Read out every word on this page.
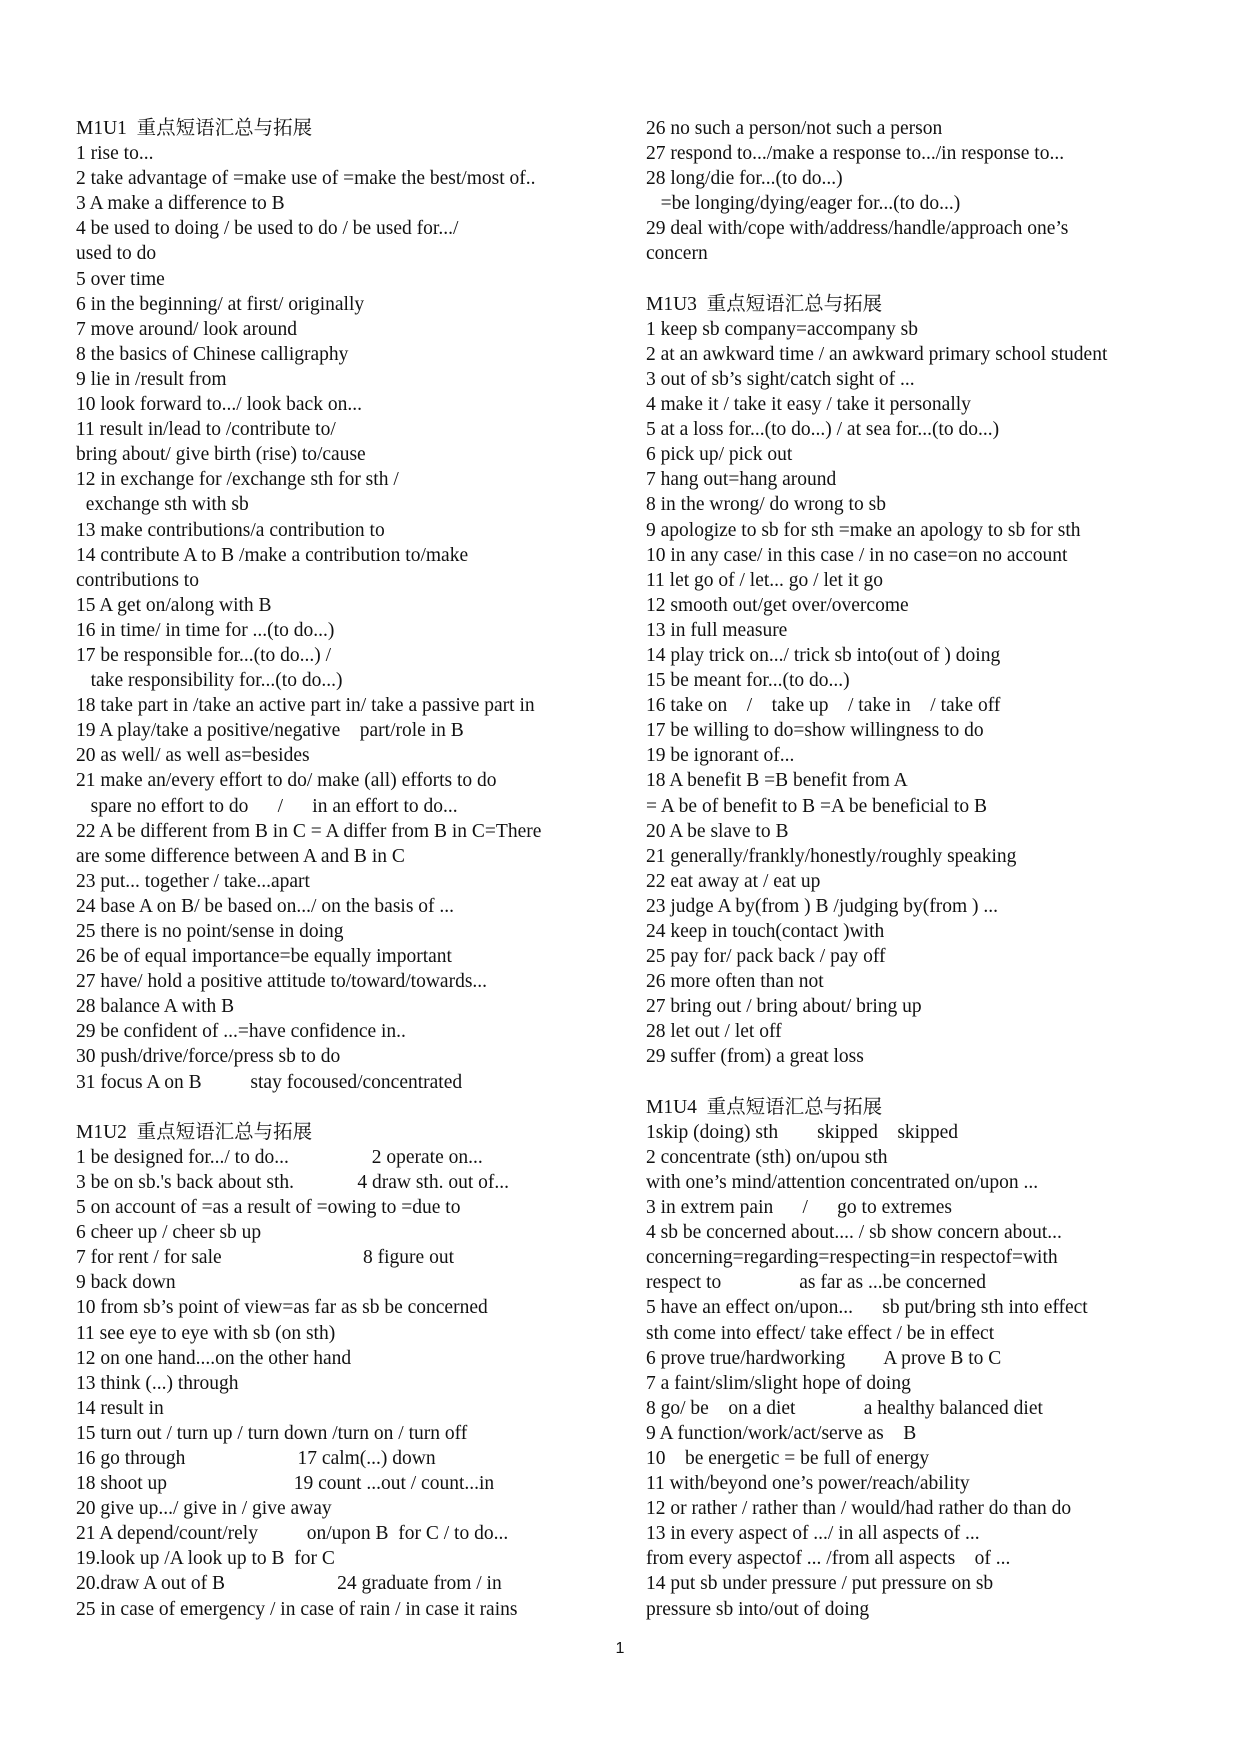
M1U1  重点短语汇总与拓展
1 rise to...
2 take advantage of =make use of =make the best/most of..
3 A make a difference to B
4 be used to doing / be used to do / be used for.../
used to do
5 over time
6 in the beginning/ at first/ originally
7 move around/ look around
8 the basics of Chinese calligraphy
9 lie in /result from
10 look forward to.../ look back on...
11 result in/lead to /contribute to/
bring about/ give birth (rise) to/cause
12 in exchange for /exchange sth for sth /
exchange sth with sb
13 make contributions/a contribution to
14 contribute A to B /make a contribution to/make
contributions to
15 A get on/along with B
16 in time/ in time for ...(to do...)
17 be responsible for...(to do...) /
take responsibility for...(to do...)
18 take part in /take an active part in/ take a passive part in
19 A play/take a positive/negative    part/role in B
20 as well/ as well as=besides
21 make an/every effort to do/ make (all) efforts to do
spare no effort to do      /      in an effort to do...
22 A be different from B in C = A differ from B in C=There
are some difference between A and B in C
23 put... together / take...apart
24 base A on B/ be based on.../ on the basis of ...
25 there is no point/sense in doing
26 be of equal importance=be equally important
27 have/ hold a positive attitude to/toward/towards...
28 balance A with B
29 be confident of ...=have confidence in..
30 push/drive/force/press sb to do
31 focus A on B          stay focoused/concentrated
M1U2  重点短语汇总与拓展
1 be designed for.../ to do...                 2 operate on...
3 be on sb.'s back about sth.             4 draw sth. out of...
5 on account of =as a result of =owing to =due to
6 cheer up / cheer sb up
7 for rent / for sale                             8 figure out
9 back down
10 from sb’s point of view=as far as sb be concerned
11 see eye to eye with sb (on sth)
12 on one hand....on the other hand
13 think (...) through
14 result in
15 turn out / turn up / turn down /turn on / turn off
16 go through                       17 calm(...) down
18 shoot up                          19 count ...out / count...in
20 give up.../ give in / give away
21 A depend/count/rely          on/upon B  for C / to do...
19.look up /A look up to B  for C
20.draw A out of B                       24 graduate from / in
25 in case of emergency / in case of rain / in case it rains
26 no such a person/not such a person
27 respond to.../make a response to.../in response to...
28 long/die for...(to do...)
=be longing/dying/eager for...(to do...)
29 deal with/cope with/address/handle/approach one’s
concern
M1U3  重点短语汇总与拓展
1 keep sb company=accompany sb
2 at an awkward time / an awkward primary school student
3 out of sb’s sight/catch sight of ...
4 make it / take it easy / take it personally
5 at a loss for...(to do...) / at sea for...(to do...)
6 pick up/ pick out
7 hang out=hang around
8 in the wrong/ do wrong to sb
9 apologize to sb for sth =make an apology to sb for sth
10 in any case/ in this case / in no case=on no account
11 let go of / let... go / let it go
12 smooth out/get over/overcome
13 in full measure
14 play trick on.../ trick sb into(out of ) doing
15 be meant for...(to do...)
16 take on    /    take up    / take in    / take off
17 be willing to do=show willingness to do
19 be ignorant of...
18 A benefit B =B benefit from A
= A be of benefit to B =A be beneficial to B
20 A be slave to B
21 generally/frankly/honestly/roughly speaking
22 eat away at / eat up
23 judge A by(from ) B /judging by(from ) ...
24 keep in touch(contact )with
25 pay for/ pack back / pay off
26 more often than not
27 bring out / bring about/ bring up
28 let out / let off
29 suffer (from) a great loss
M1U4  重点短语汇总与拓展
1skip (doing) sth        skipped    skipped
2 concentrate (sth) on/upou sth
with one’s mind/attention concentrated on/upon ...
3 in extrem pain      /      go to extremes
4 sb be concerned about.... / sb show concern about...
concerning=regarding=respecting=in respectof=with
respect to                as far as ...be concerned
5 have an effect on/upon...      sb put/bring sth into effect
sth come into effect/ take effect / be in effect
6 prove true/hardworking        A prove B to C
7 a faint/slim/slight hope of doing
8 go/ be    on a diet              a healthy balanced diet
9 A function/work/act/serve as    B
10    be energetic = be full of energy
11 with/beyond one’s power/reach/ability
12 or rather / rather than / would/had rather do than do
13 in every aspect of .../ in all aspects of ...
from every aspectof ... /from all aspects    of ...
14 put sb under pressure / put pressure on sb
pressure sb into/out of doing
1
